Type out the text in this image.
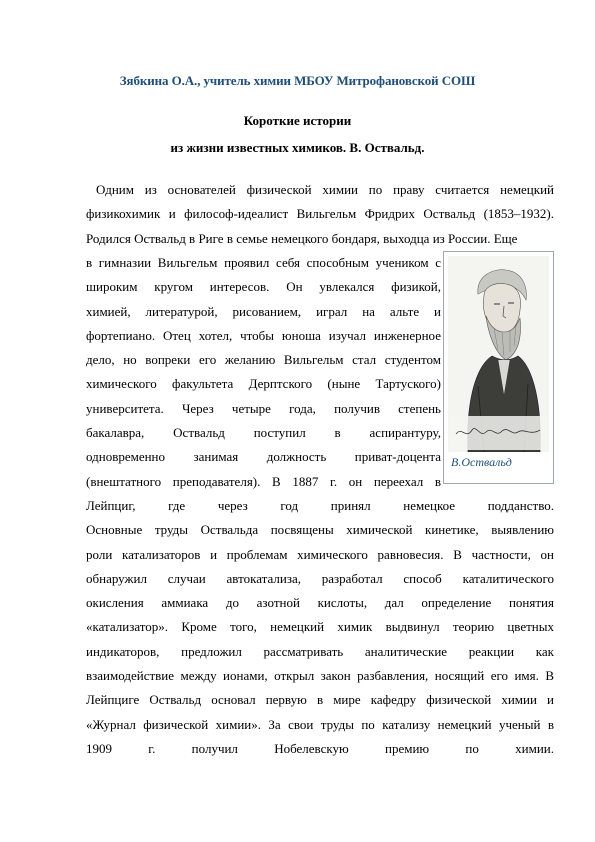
Зябкина О.А., учитель химии МБОУ Митрофановской СОШ
Короткие истории
из жизни известных химиков. В. Оствальд.

Одним из основателей физической химии по праву считается немецкий физикохимик и философ-идеалист Вильгельм Фридрих Оствальд (1853–1932). Родился Оствальд в Риге в семье немецкого бондаря, выходца из России. Еще

в гимназии Вильгельм проявил себя способным учеником с
широким кругом интересов. Он увлекался физикой,
химией, литературой, рисованием, играл на альте и
фортепиано. Отец хотел, чтобы юноша изучал инженерное
дело, но вопреки его желанию Вильгельм стал студентом
химического факультета Дерптского (ныне Тартуского)
университета. Через четыре года, получив степень
бакалавра, Оствальд поступил в аспирантуру,
одновременно занимая должность приват-доцента
(внештатного преподавателя). В 1887 г. он переехал в
В.Оствальд
Лейпциг, где через год принял немецкое подданство.
Основные труды Оствальда посвящены химической кинетике, выявлению
роли катализаторов и проблемам химического равновесия. В частности, он
обнаружил случаи автокатализа, разработал способ каталитического
окисления аммиака до азотной кислоты, дал определение понятия
«катализатор». Кроме того, немецкий химик выдвинул теорию цветных
индикаторов, предложил рассматривать аналитические реакции как
взаимодействие между ионами, открыл закон разбавления, носящий его имя. В
Лейпциге Оствальд основал первую в мире кафедру физической химии и
«Журнал физической химии». За свои труды по катализу немецкий ученый в
1909 г. получил Нобелевскую премию по химии.
